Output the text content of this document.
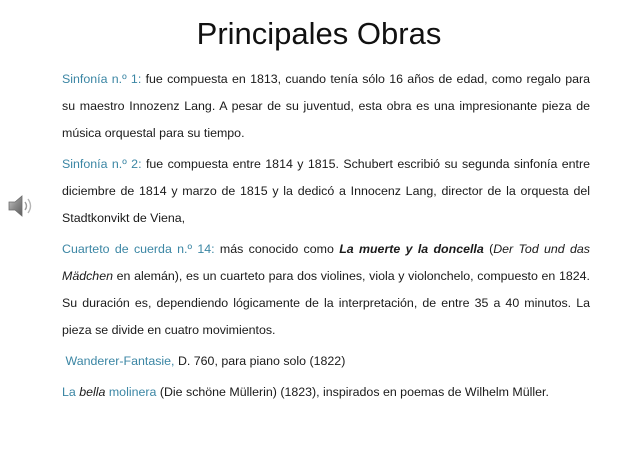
Principales Obras

Sinfonía n.º 1: fue compuesta en 1813, cuando tenía sólo 16 años de edad, como regalo para su maestro Innozenz Lang. A pesar de su juventud, esta obra es una impresionante pieza de música orquestal para su tiempo.

Sinfonía n.º 2: fue compuesta entre 1814 y 1815. Schubert escribió su segunda sinfonía entre diciembre de 1814 y marzo de 1815 y la dedicó a Innocenz Lang, director de la orquesta del Stadtkonvikt de Viena,

Cuarteto de cuerda n.º 14: más conocido como La muerte y la doncella (Der Tod und das Mädchen en alemán), es un cuarteto para dos violines, viola y violonchelo, compuesto en 1824. Su duración es, dependiendo lógicamente de la interpretación, de entre 35 a 40 minutos. La pieza se divide en cuatro movimientos.

Wanderer-Fantasie, D. 760, para piano solo (1822)

La bella molinera (Die schöne Müllerin) (1823), inspirados en poemas de Wilhelm Müller.
